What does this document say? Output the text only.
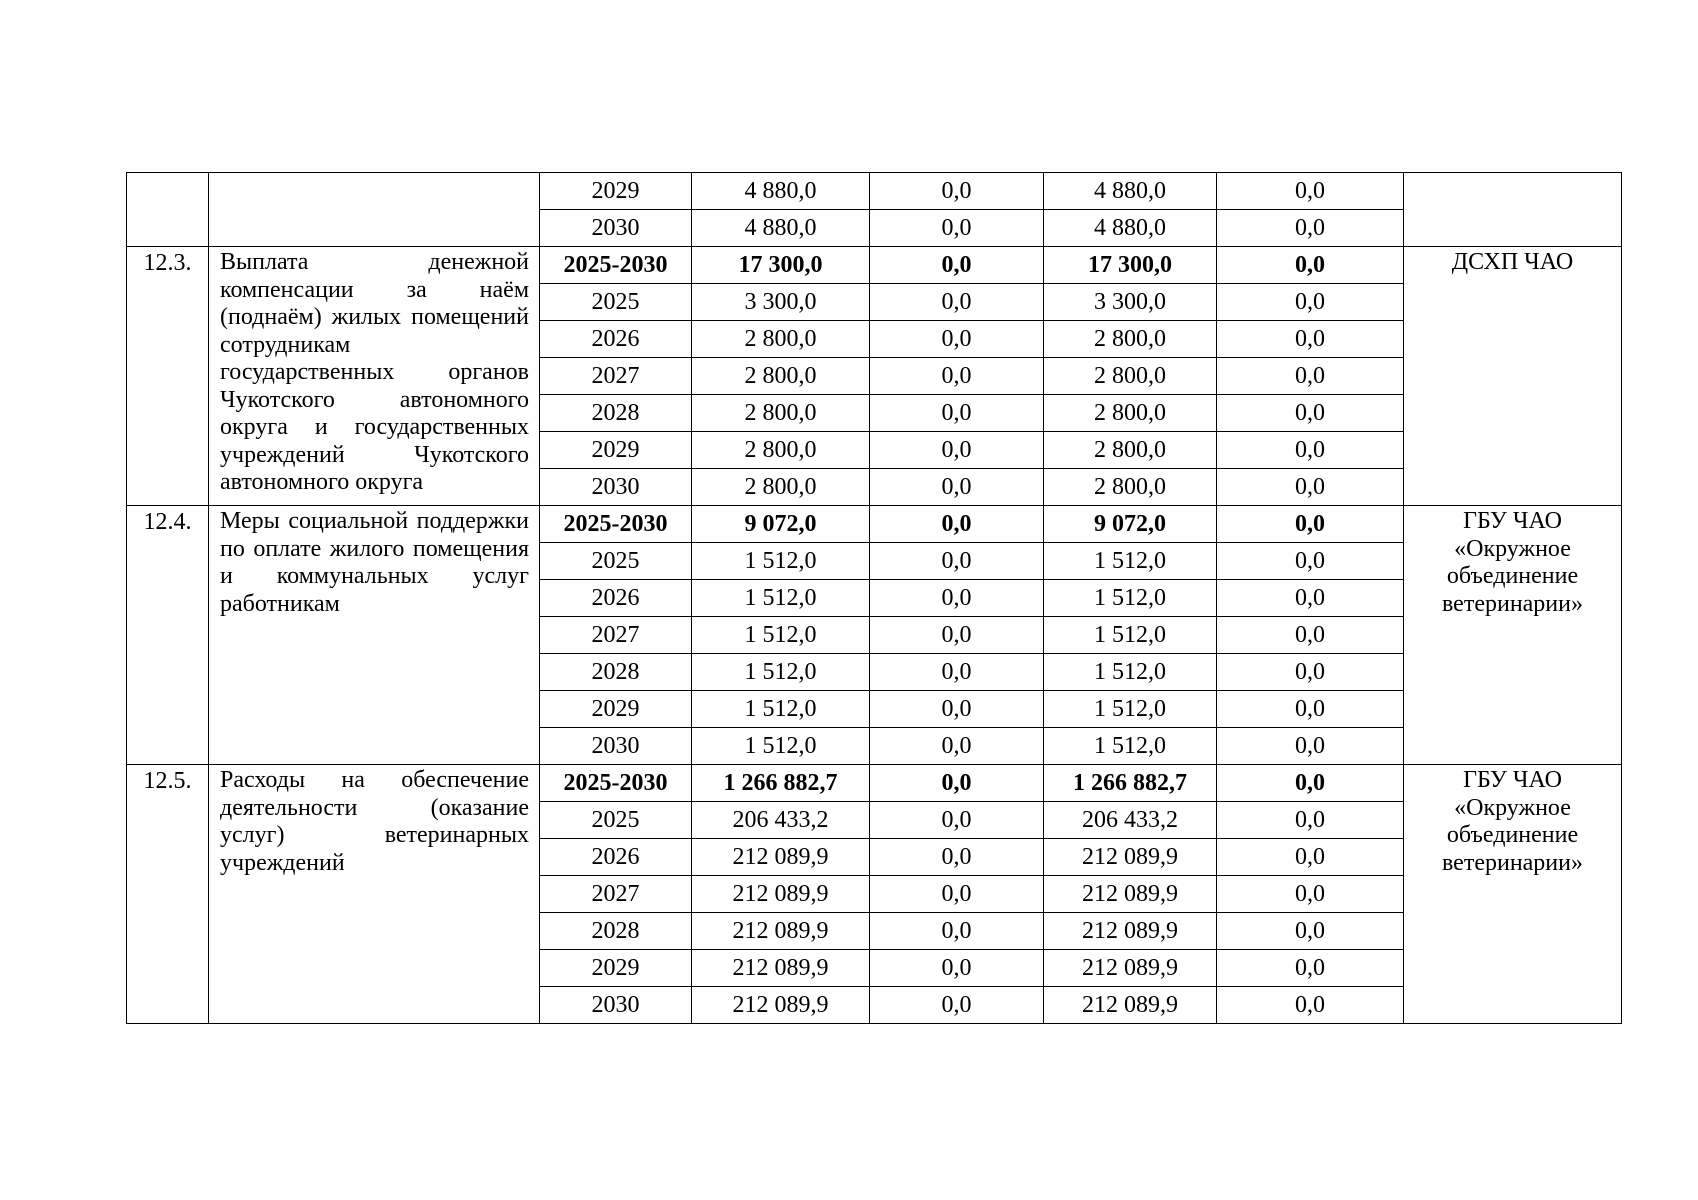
		2029	4 880,0	0,0	4 880,0	0,0	
		2030	4 880,0	0,0	4 880,0	0,0	
12.3.	Выплата денежной компенсации за наём (поднаём) жилых помещений сотрудникам государственных органов Чукотского автономного округа и государственных учреждений Чукотского автономного округа	2025-2030	17 300,0	0,0	17 300,0	0,0	ДСХП ЧАО

		2025	3 300,0	0,0	3 300,0	0,0	
		2026	2 800,0	0,0	2 800,0	0,0	
		2027	2 800,0	0,0	2 800,0	0,0	
		2028	2 800,0	0,0	2 800,0	0,0	
		2029	2 800,0	0,0	2 800,0	0,0	
		2030	2 800,0	0,0	2 800,0	0,0	
12.4.	Меры социальной поддержки по оплате жилого помещения и коммунальных услуг работникам	2025-2030	9 072,0	0,0	9 072,0	0,0	ГБУ ЧАО
«Окружное
объединение
ветеринарии»

		2025	1 512,0	0,0	1 512,0	0,0	
		2026	1 512,0	0,0	1 512,0	0,0	
		2027	1 512,0	0,0	1 512,0	0,0	
		2028	1 512,0	0,0	1 512,0	0,0	
		2029	1 512,0	0,0	1 512,0	0,0	
		2030	1 512,0	0,0	1 512,0	0,0	
12.5.	Расходы на обеспечение деятельности (оказание услуг) ветеринарных учреждений	2025-2030	1 266 882,7	0,0	1 266 882,7	0,0	ГБУ ЧАО
«Окружное
объединение
ветеринарии»

		2025	206 433,2	0,0	206 433,2	0,0	
		2026	212 089,9	0,0	212 089,9	0,0	
		2027	212 089,9	0,0	212 089,9	0,0	
		2028	212 089,9	0,0	212 089,9	0,0	
		2029	212 089,9	0,0	212 089,9	0,0	
		2030	212 089,9	0,0	212 089,9	0,0	
